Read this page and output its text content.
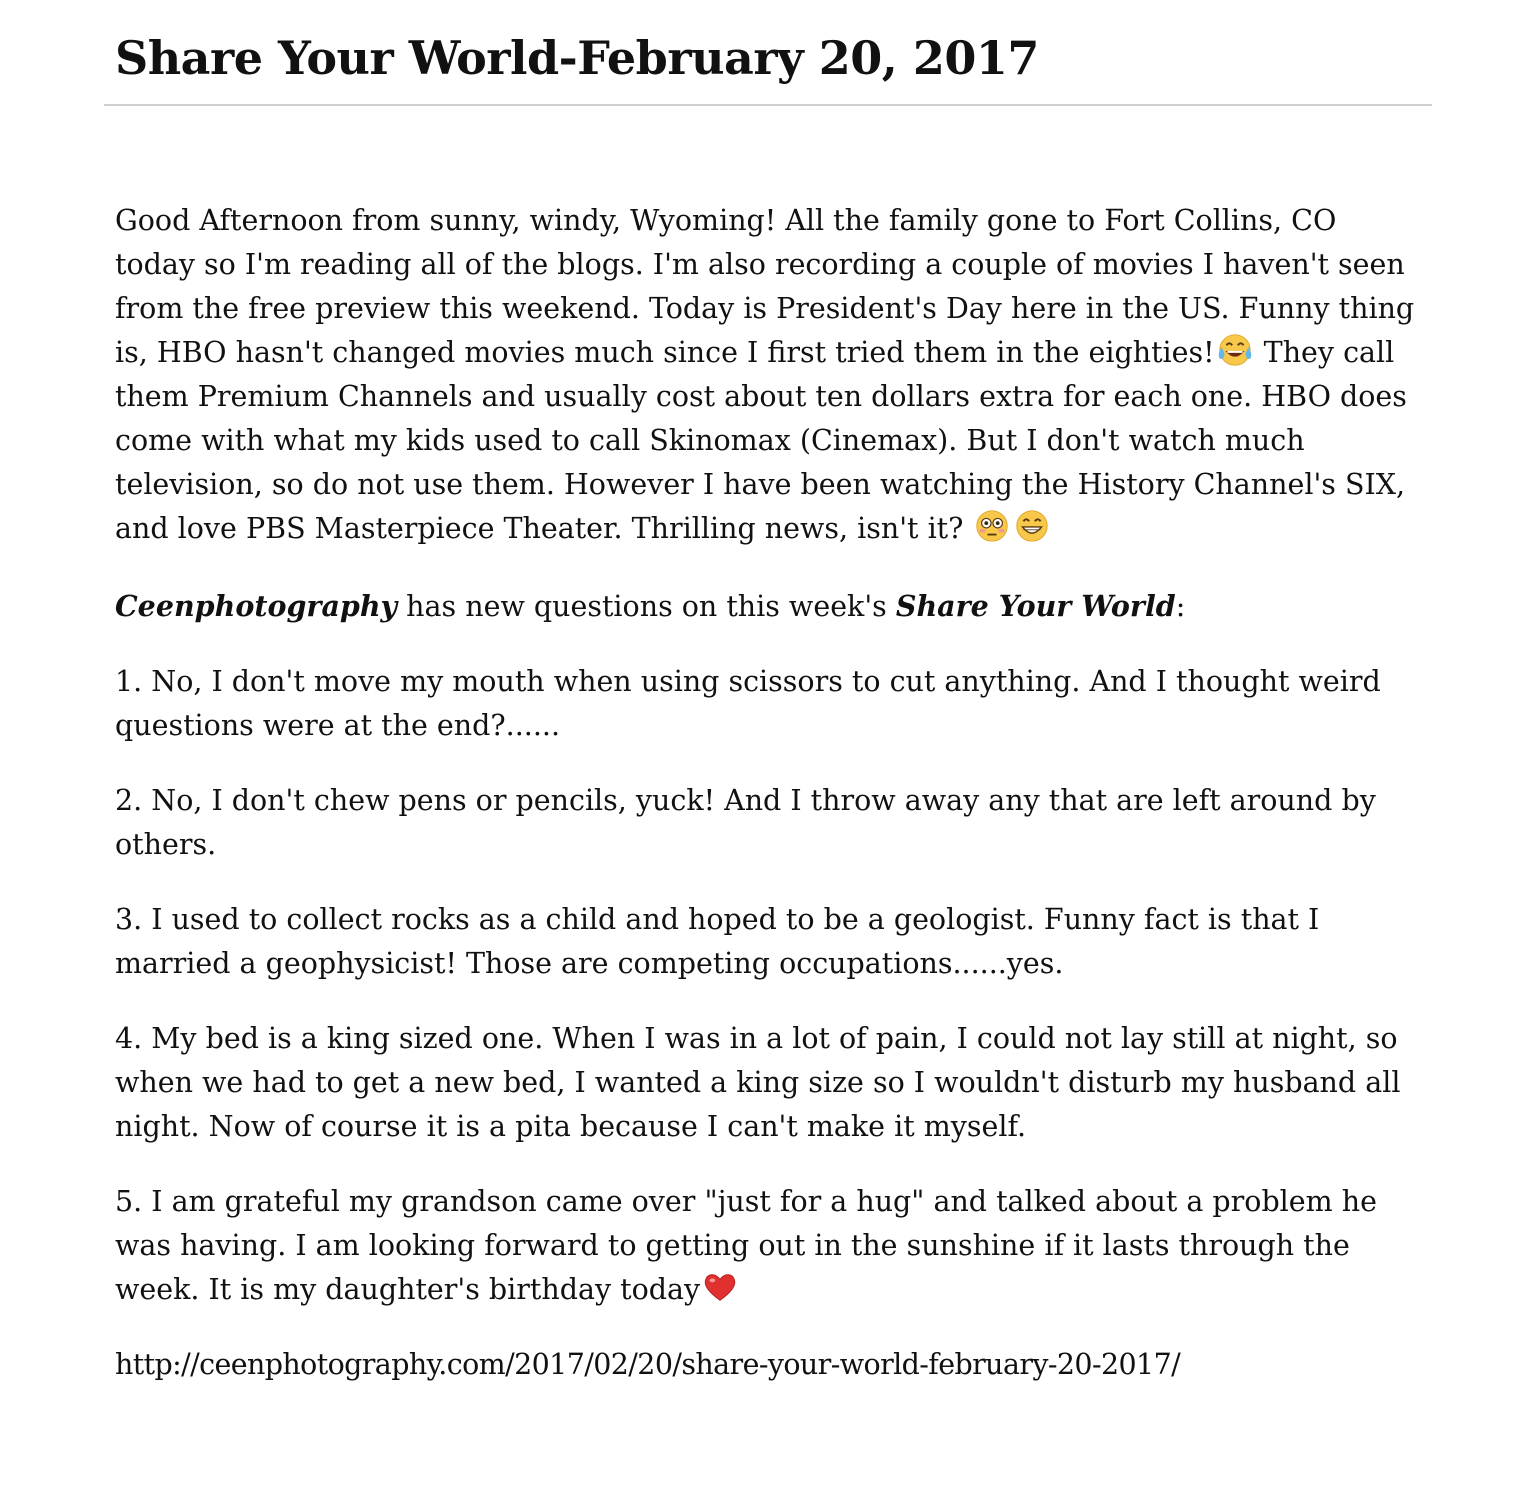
Share Your World-February 20, 2017

Good Afternoon from sunny, windy, Wyoming! All the family gone to Fort Collins, CO today so I'm reading all of the blogs. I'm also recording a couple of movies I haven't seen from the free preview this weekend. Today is President's Day here in the US. Funny thing is, HBO hasn't changed movies much since I first tried them in the eighties!
They call them Premium Channels and usually cost about ten dollars extra for each one. HBO does come with what my kids used to call Skinomax (Cinemax). But I don't watch much television, so do not use them. However I have been watching the History Channel's SIX, and love PBS Masterpiece Theater. Thrilling news, isn't it?

Ceenphotography has new questions on this week's Share Your World:

1. No, I don't move my mouth when using scissors to cut anything. And I thought weird questions were at the end?......

2. No, I don't chew pens or pencils, yuck! And I throw away any that are left around by others.

3. I used to collect rocks as a child and hoped to be a geologist. Funny fact is that I married a geophysicist! Those are competing occupations......yes.

4. My bed is a king sized one. When I was in a lot of pain, I could not lay still at night, so when we had to get a new bed, I wanted a king size so I wouldn't disturb my husband all night. Now of course it is a pita because I can't make it myself.

5. I am grateful my grandson came over "just for a hug" and talked about a problem he was having. I am looking forward to getting out in the sunshine if it lasts through the week. It is my daughter's birthday today

http://ceenphotography.com/2017/02/20/share-your-world-february-20-2017/
